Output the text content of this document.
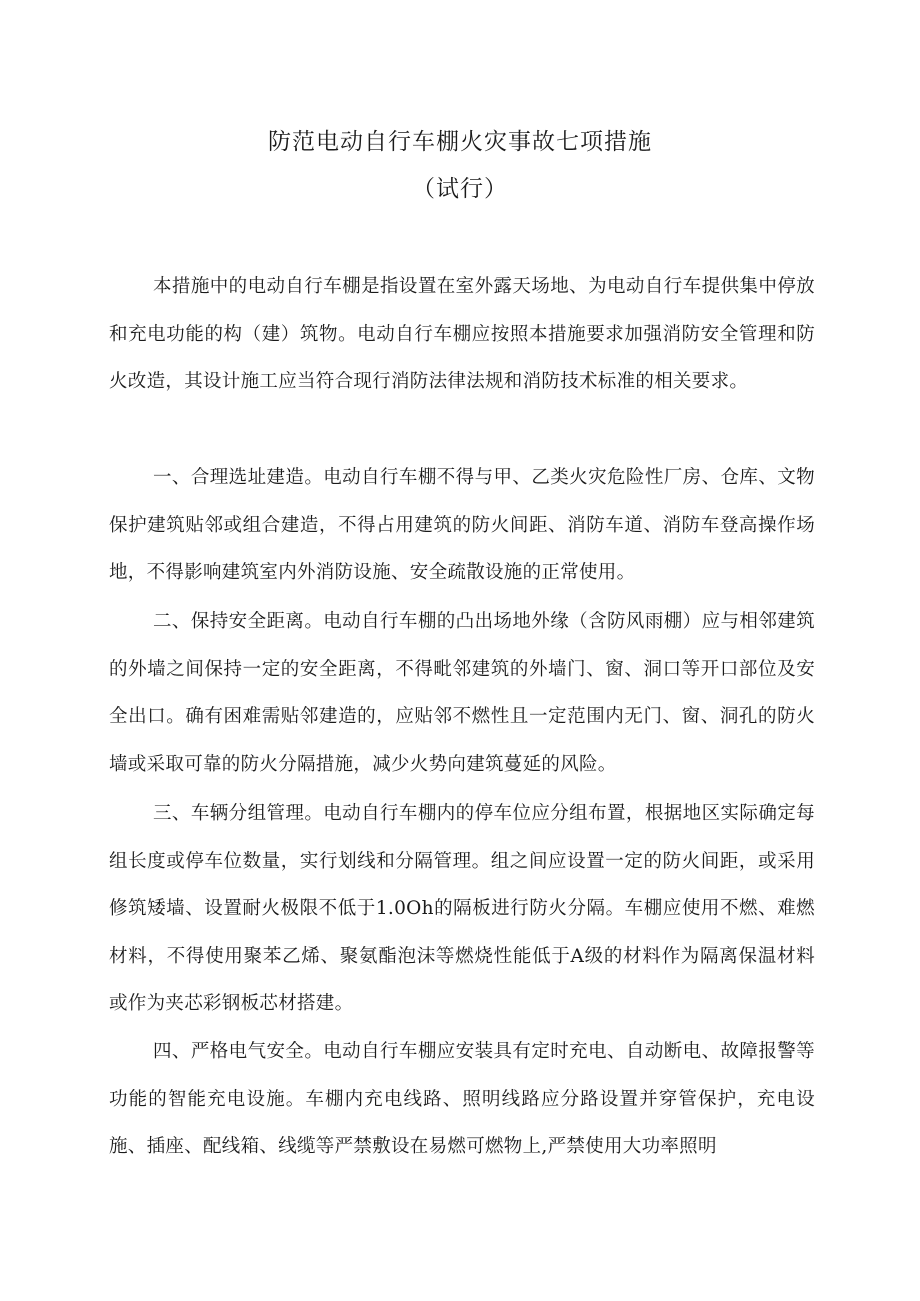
防范电动自行车棚火灾事故七项措施
（试行）

本措施中的电动自行车棚是指设置在室外露天场地、为电动自行车提供集中停放和充电功能的构（建）筑物。电动自行车棚应按照本措施要求加强消防安全管理和防火改造，其设计施工应当符合现行消防法律法规和消防技术标准的相关要求。

一、合理选址建造。电动自行车棚不得与甲、乙类火灾危险性厂房、仓库、文物保护建筑贴邻或组合建造，不得占用建筑的防火间距、消防车道、消防车登高操作场地，不得影响建筑室内外消防设施、安全疏散设施的正常使用。

二、保持安全距离。电动自行车棚的凸出场地外缘（含防风雨棚）应与相邻建筑的外墙之间保持一定的安全距离，不得毗邻建筑的外墙门、窗、洞口等开口部位及安全出口。确有困难需贴邻建造的，应贴邻不燃性且一定范围内无门、窗、洞孔的防火墙或采取可靠的防火分隔措施，减少火势向建筑蔓延的风险。

三、车辆分组管理。电动自行车棚内的停车位应分组布置，根据地区实际确定每组长度或停车位数量，实行划线和分隔管理。组之间应设置一定的防火间距，或采用修筑矮墙、设置耐火极限不低于1.0Oh的隔板进行防火分隔。车棚应使用不燃、难燃材料，不得使用聚苯乙烯、聚氨酯泡沫等燃烧性能低于A级的材料作为隔离保温材料或作为夹芯彩钢板芯材搭建。

四、严格电气安全。电动自行车棚应安装具有定时充电、自动断电、故障报警等功能的智能充电设施。车棚内充电线路、照明线路应分路设置并穿管保护，充电设施、插座、配线箱、线缆等严禁敷设在易燃可燃物上,严禁使用大功率照明
